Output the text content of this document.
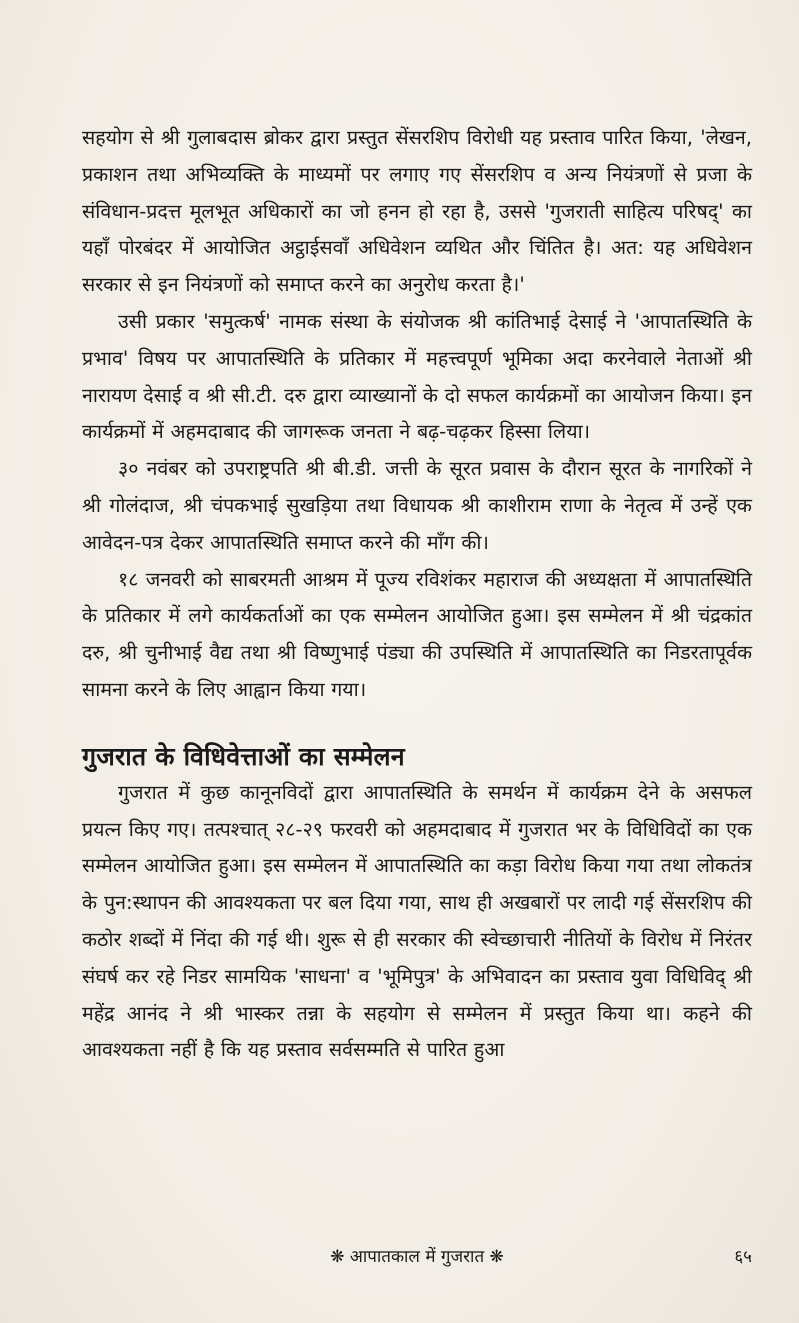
सहयोग से श्री गुलाबदास ब्रोकर द्वारा प्रस्तुत सेंसरशिप विरोधी यह प्रस्ताव पारित किया, 'लेखन, प्रकाशन तथा अभिव्यक्ति के माध्यमों पर लगाए गए सेंसरशिप व अन्य नियंत्रणों से प्रजा के संविधान-प्रदत्त मूलभूत अधिकारों का जो हनन हो रहा है, उससे 'गुजराती साहित्य परिषद्' का यहाँ पोरबंदर में आयोजित अट्ठाईसवाँ अधिवेशन व्यथित और चिंतित है। अत: यह अधिवेशन सरकार से इन नियंत्रणों को समाप्त करने का अनुरोध करता है।'

उसी प्रकार 'समुत्कर्ष' नामक संस्था के संयोजक श्री कांतिभाई देसाई ने 'आपातस्थिति के प्रभाव' विषय पर आपातस्थिति के प्रतिकार में महत्त्वपूर्ण भूमिका अदा करनेवाले नेताओं श्री नारायण देसाई व श्री सी.टी. दरु द्वारा व्याख्यानों के दो सफल कार्यक्रमों का आयोजन किया। इन कार्यक्रमों में अहमदाबाद की जागरूक जनता ने बढ़-चढ़कर हिस्सा लिया।

३० नवंबर को उपराष्ट्रपति श्री बी.डी. जत्ती के सूरत प्रवास के दौरान सूरत के नागरिकों ने श्री गोलंदाज, श्री चंपकभाई सुखड़िया तथा विधायक श्री काशीराम राणा के नेतृत्व में उन्हें एक आवेदन-पत्र देकर आपातस्थिति समाप्त करने की माँग की।

१८ जनवरी को साबरमती आश्रम में पूज्य रविशंकर महाराज की अध्यक्षता में आपातस्थिति के प्रतिकार में लगे कार्यकर्ताओं का एक सम्मेलन आयोजित हुआ। इस सम्मेलन में श्री चंद्रकांत दरु, श्री चुनीभाई वैद्य तथा श्री विष्णुभाई पंड्या की उपस्थिति में आपातस्थिति का निडरतापूर्वक सामना करने के लिए आह्वान किया गया।

गुजरात के विधिवेत्ताओं का सम्मेलन

गुजरात में कुछ कानूनविदों द्वारा आपातस्थिति के समर्थन में कार्यक्रम देने के असफल प्रयत्न किए गए। तत्पश्चात् २८-२९ फरवरी को अहमदाबाद में गुजरात भर के विधिविदों का एक सम्मेलन आयोजित हुआ। इस सम्मेलन में आपातस्थिति का कड़ा विरोध किया गया तथा लोकतंत्र के पुन:स्थापन की आवश्यकता पर बल दिया गया, साथ ही अखबारों पर लादी गई सेंसरशिप की कठोर शब्दों में निंदा की गई थी। शुरू से ही सरकार की स्वेच्छाचारी नीतियों के विरोध में निरंतर संघर्ष कर रहे निडर सामयिक 'साधना' व 'भूमिपुत्र' के अभिवादन का प्रस्ताव युवा विधिविद् श्री महेंद्र आनंद ने श्री भास्कर तन्ना के सहयोग से सम्मेलन में प्रस्तुत किया था। कहने की आवश्यकता नहीं है कि यह प्रस्ताव सर्वसम्मति से पारित हुआ

❋ आपातकाल में गुजरात ❋	६५
